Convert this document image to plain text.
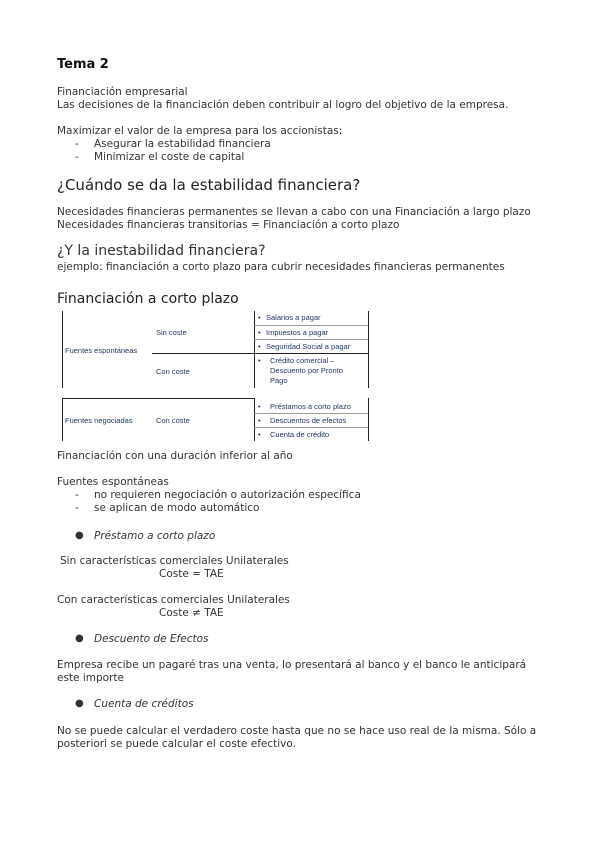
Tema 2
Financiación empresarial
Las decisiones de la financiación deben contribuir al logro del objetivo de la empresa.
Maximizar el valor de la empresa para los accionistas:
- Asegurar la estabilidad financiera
- Minimizar el coste de capital
¿Cuándo se da la estabilidad financiera?
Necesidades financieras permanentes se llevan a cabo con una Financiación a largo plazo
Necesidades financieras transitorias = Financiación a corto plazo
¿Y la inestabilidad financiera?
ejemplo: financiación a corto plazo para cubrir necesidades financieras permanentes
Financiación a corto plazo
Fuentes espontáneas
Sin coste
Con coste
• Salarios a pagar
• Impuestos a pagar
• Seguridad Social a pagar
• Crédito comercial –
Descuento por Pronto
Pago
Fuentes negociadas	Con coste
• Préstamos a corto plazo
• Descuentos de efectos
• Cuenta de crédito
Financiación con una duración inferior al año
Fuentes espontáneas
- no requieren negociación o autorización específica
- se aplican de modo automático
● Préstamo a corto plazo
Sin características comerciales Unilaterales
Coste = TAE
Con características comerciales Unilaterales
Coste ≠ TAE
● Descuento de Efectos
Empresa recibe un pagaré tras una venta, lo presentará al banco y el banco le anticipará
este importe
● Cuenta de créditos
No se puede calcular el verdadero coste hasta que no se hace uso real de la misma. Sólo a
posteriori se puede calcular el coste efectivo.
